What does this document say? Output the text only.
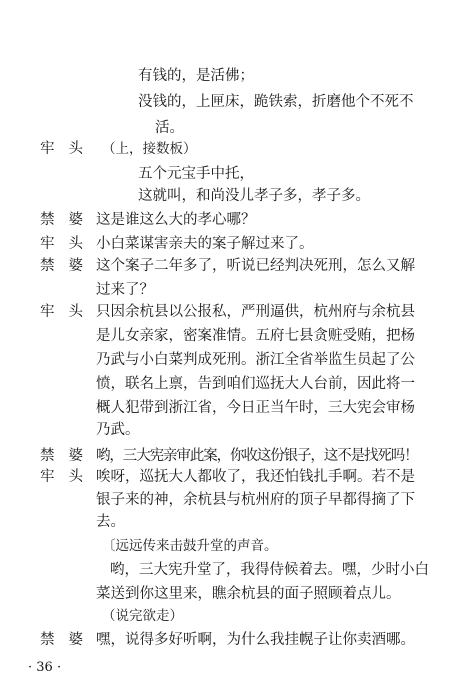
有钱的，是活佛；
没钱的，上匣床，跪铁索，折磨他个不死不
活。
牢头 （上，接数板）
五个元宝手中托，
这就叫，和尚没儿孝子多，孝子多。
禁婆 这是谁这么大的孝心哪？
牢头 小白菜谋害亲夫的案子解过来了。
禁婆 这个案子二年多了，听说已经判决死刑，怎么又解
过来了？
牢头 只因余杭县以公报私，严刑逼供，杭州府与余杭县
是儿女亲家，密案准情。五府七县贪赃受贿，把杨
乃武与小白菜判成死刑。浙江全省举监生员起了公
愤，联名上禀，告到咱们巡抚大人台前，因此将一
概人犯带到浙江省，今日正当午时，三大宪会审杨
乃武。
禁婆 哟，三大宪亲审此案，你收这份银子，这不是找死吗！
牢头 唉呀，巡抚大人都收了，我还怕钱扎手啊。若不是
银子来的神，余杭县与杭州府的顶子早都得摘了下
去。
〔远远传来击鼓升堂的声音。
哟，三大宪升堂了，我得侍候着去。嘿，少时小白
菜送到你这里来，瞧余杭县的面子照顾着点儿。
（说完欲走）
禁婆 嘿，说得多好听啊，为什么我挂幌子让你卖酒哪。
· 36 ·
